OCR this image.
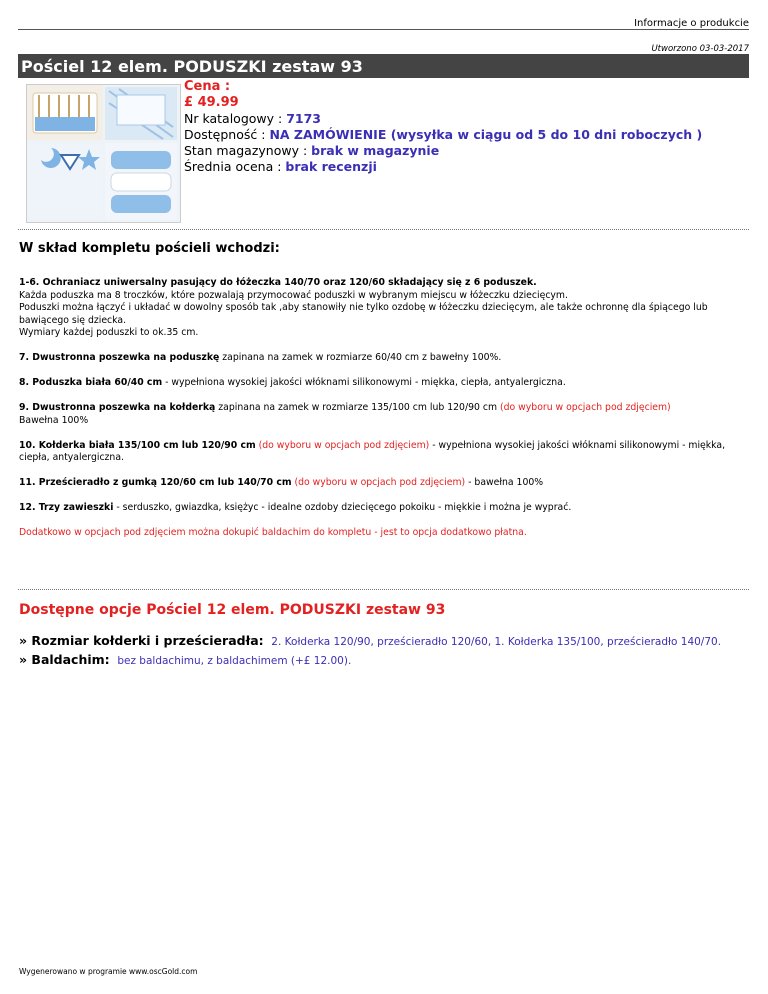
Informacje o produkcie
Utworzono 03-03-2017
Pościel 12 elem. PODUSZKI zestaw 93
Cena :
£ 49.99
Nr katalogowy : 7173
Dostępność : NA ZAMÓWIENIE (wysyłka w ciągu od 5 do 10 dni roboczych )
Stan magazynowy : brak w magazynie
Średnia ocena : brak recenzji
W skład kompletu pościeli wchodzi:

1-6. Ochraniacz uniwersalny pasujący do łóżeczka 140/70 oraz 120/60 składający się z 6 poduszek.
Każda poduszka ma 8 troczków, które pozwalają przymocować poduszki w wybranym miejscu w łóżeczku dziecięcym.
Poduszki można łączyć i układać w dowolny sposób tak ,aby stanowiły nie tylko ozdobę w łóżeczku dziecięcym, ale także ochronnę dla śpiącego lub bawiącego się dziecka.
Wymiary każdej poduszki to ok.35 cm.

7. Dwustronna poszewka na poduszkę zapinana na zamek w rozmiarze 60/40 cm z bawełny 100%.

8. Poduszka biała 60/40 cm - wypełniona wysokiej jakości włóknami silikonowymi - miękka, ciepła, antyalergiczna.

9. Dwustronna poszewka na kołderką zapinana na zamek w rozmiarze 135/100 cm lub 120/90 cm (do wyboru w opcjach pod zdjęciem)
Bawełna 100%

10. Kołderka biała 135/100 cm lub 120/90 cm (do wyboru w opcjach pod zdjęciem) - wypełniona wysokiej jakości włóknami silikonowymi - miękka, ciepła, antyalergiczna.

11. Prześcieradło z gumką 120/60 cm lub 140/70 cm (do wyboru w opcjach pod zdjęciem) - bawełna 100%

12. Trzy zawieszki - serduszko, gwiazdka, księżyc - idealne ozdoby dziecięcego pokoiku - miękkie i można je wyprać.

Dodatkowo w opcjach pod zdjęciem można dokupić baldachim do kompletu - jest to opcja dodatkowo płatna.

Dostępne opcje Pościel 12 elem. PODUSZKI zestaw 93
» Rozmiar kołderki i prześcieradła: 2. Kołderka 120/90, prześcieradło 120/60, 1. Kołderka 135/100, prześcieradło 140/70.
» Baldachim: bez baldachimu, z baldachimem (+£ 12.00).
Wygenerowano w programie www.oscGold.com
